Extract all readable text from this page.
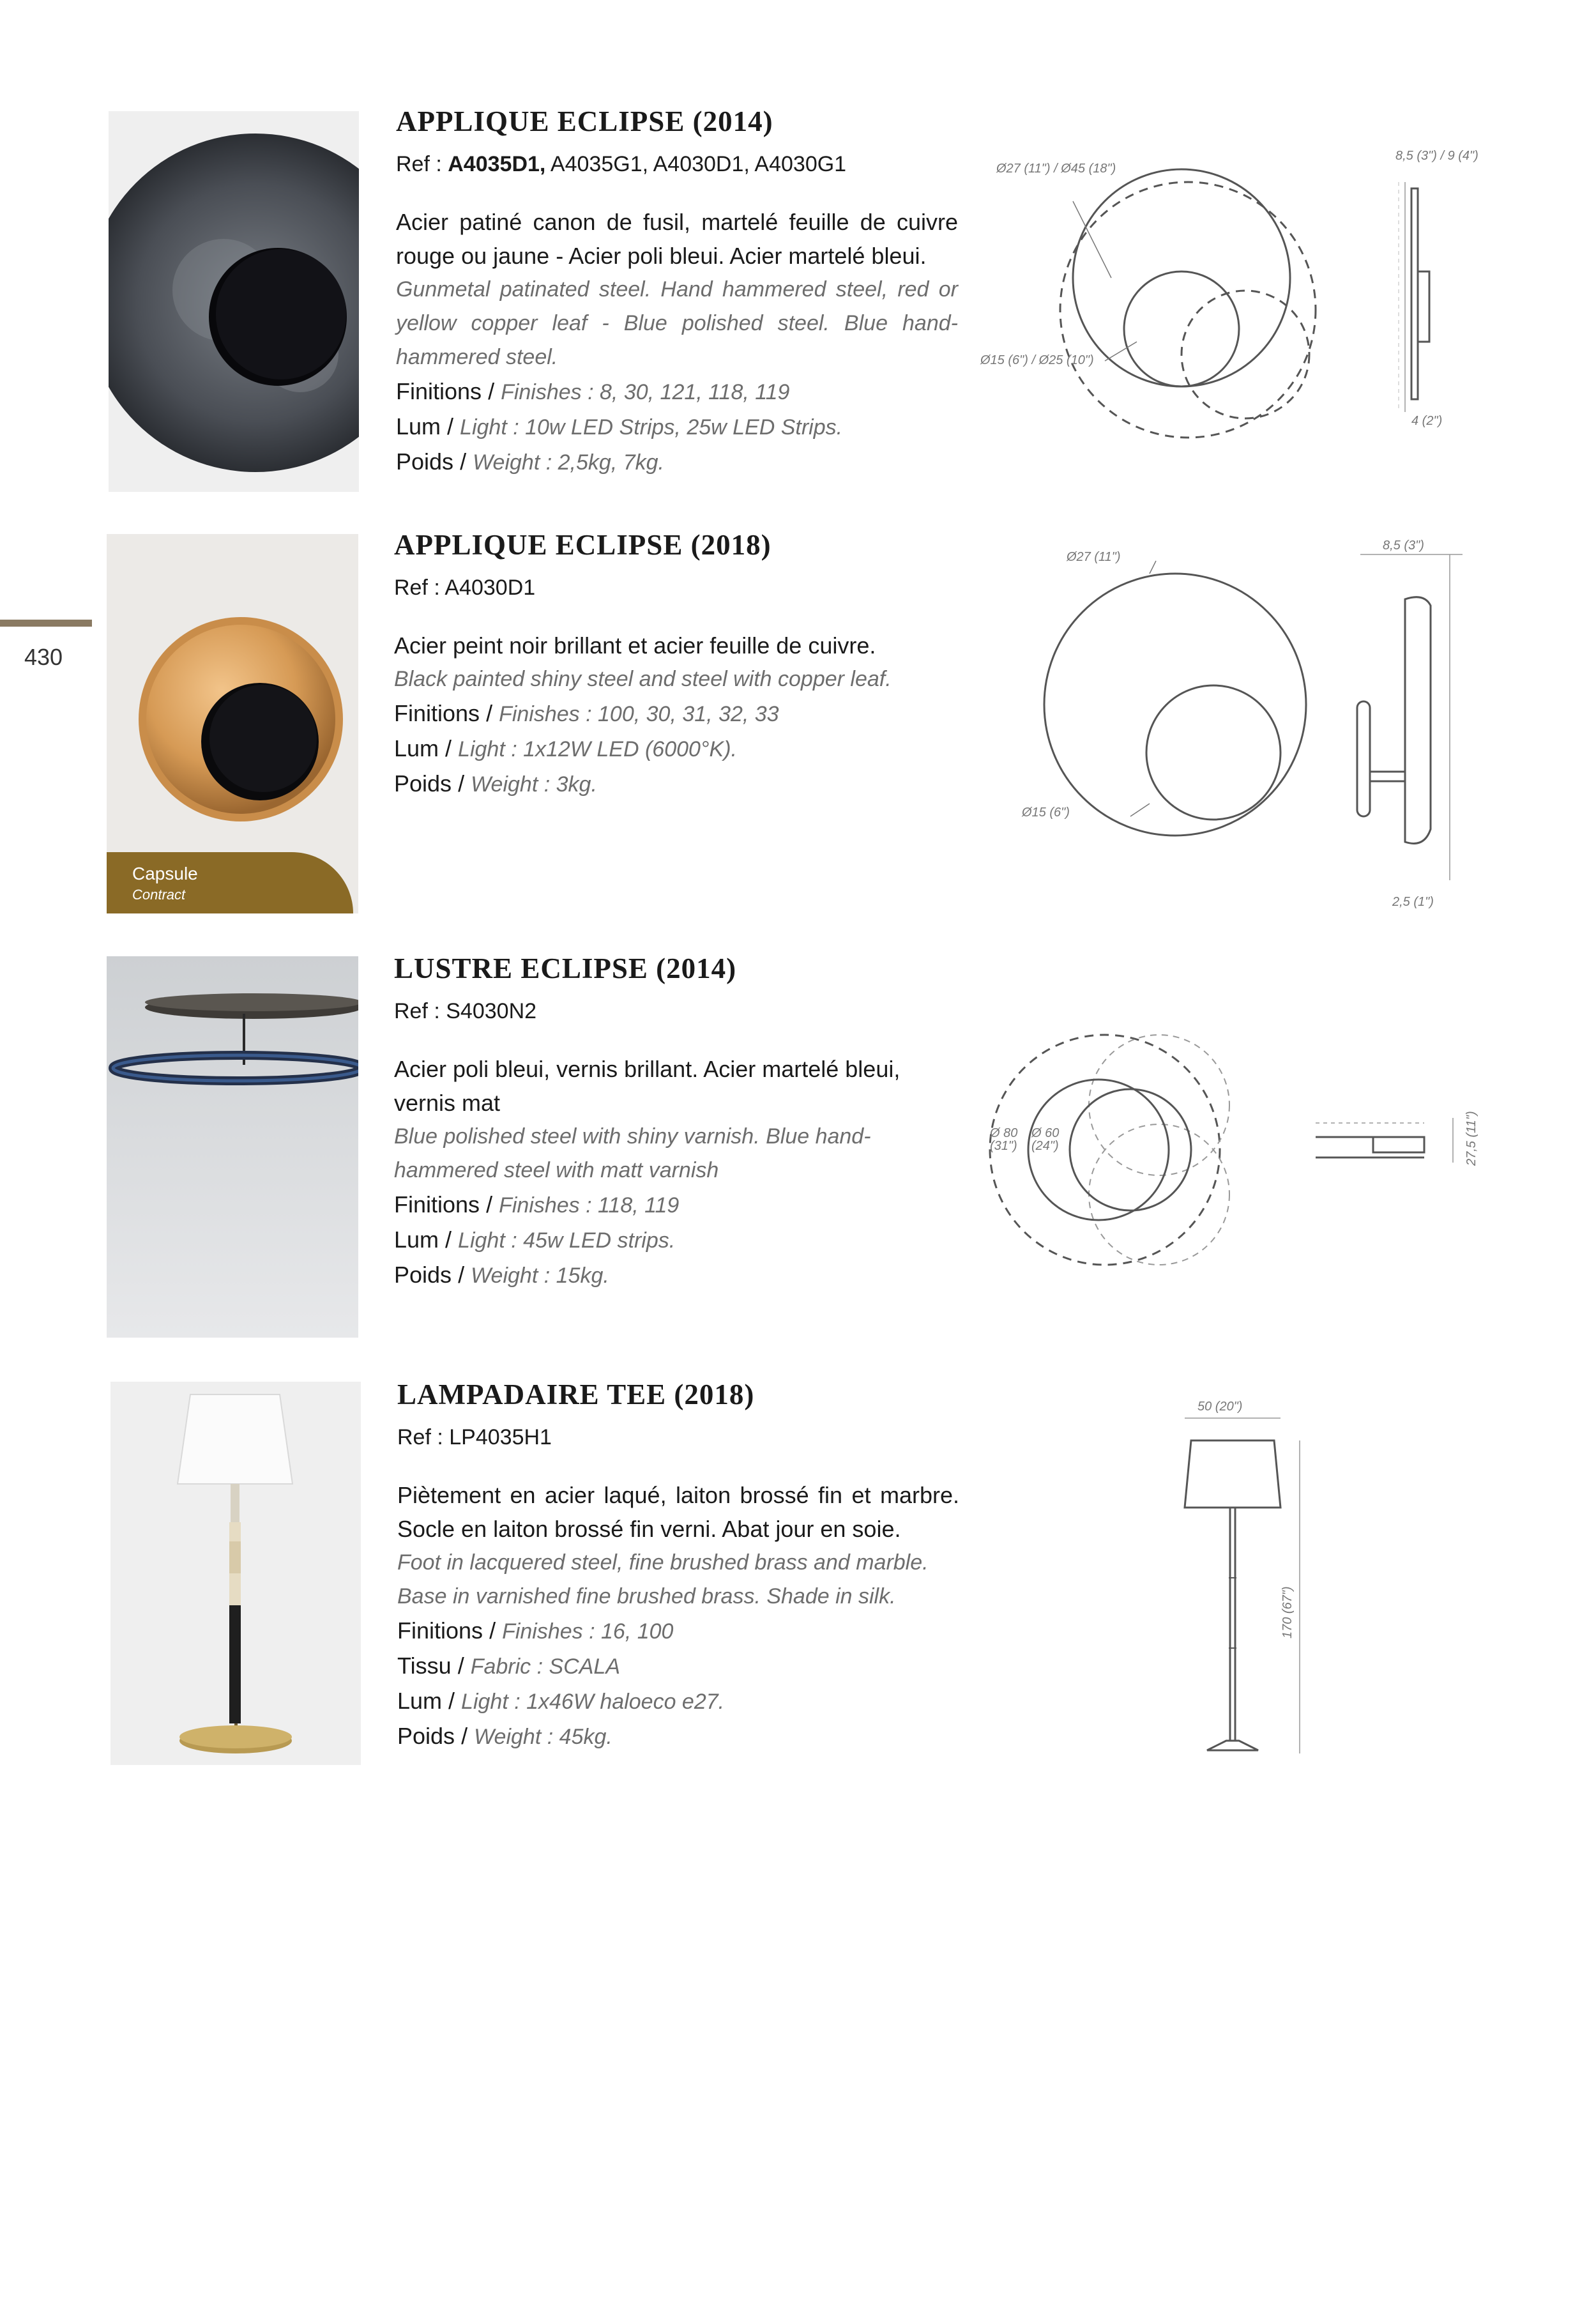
430
APPLIQUE ECLIPSE (2014)

Ref : A4035D1, A4035G1, A4030D1, A4030G1

Acier patiné canon de fusil, martelé feuille de cuivre rouge ou jaune - Acier poli bleui. Acier martelé bleui.

Gunmetal patinated steel. Hand hammered steel, red or yellow copper leaf - Blue polished steel. Blue hand-hammered steel.

Finitions / Finishes : 8, 30, 121, 118, 119

Lum / Light : 10w LED Strips, 25w LED Strips.

Poids / Weight : 2,5kg, 7kg.

Ø27 (11") / Ø45 (18")
Ø15 (6") / Ø25 (10")
8,5 (3") / 9 (4")
4 (2")
Capsule
Contract
APPLIQUE ECLIPSE (2018)

Ref : A4030D1

Acier peint noir brillant et acier feuille de cuivre.

Black painted shiny steel and steel with copper leaf.

Finitions / Finishes : 100, 30, 31, 32, 33

Lum / Light : 1x12W LED (6000°K).

Poids / Weight : 3kg.

Ø27 (11")
Ø15 (6")
8,5 (3")
2,5 (1")
LUSTRE ECLIPSE (2014)

Ref : S4030N2

Acier poli bleui, vernis brillant. Acier martelé bleui, vernis mat

Blue polished steel with shiny varnish. Blue hand-hammered steel with matt varnish

Finitions / Finishes : 118, 119

Lum / Light : 45w LED strips.

Poids / Weight : 15kg.

Ø 80
(31")
Ø 60
(24")	27,5 (11")
LAMPADAIRE TEE (2018)

Ref : LP4035H1

Piètement en acier laqué, laiton brossé fin et marbre. Socle en laiton brossé fin verni. Abat jour en soie.

Foot in lacquered steel, fine brushed brass and marble. Base in varnished fine brushed brass. Shade in silk.

Finitions / Finishes : 16, 100

Tissu / Fabric : SCALA

Lum / Light : 1x46W haloeco e27.

Poids / Weight : 45kg.

50 (20")
170 (67")
